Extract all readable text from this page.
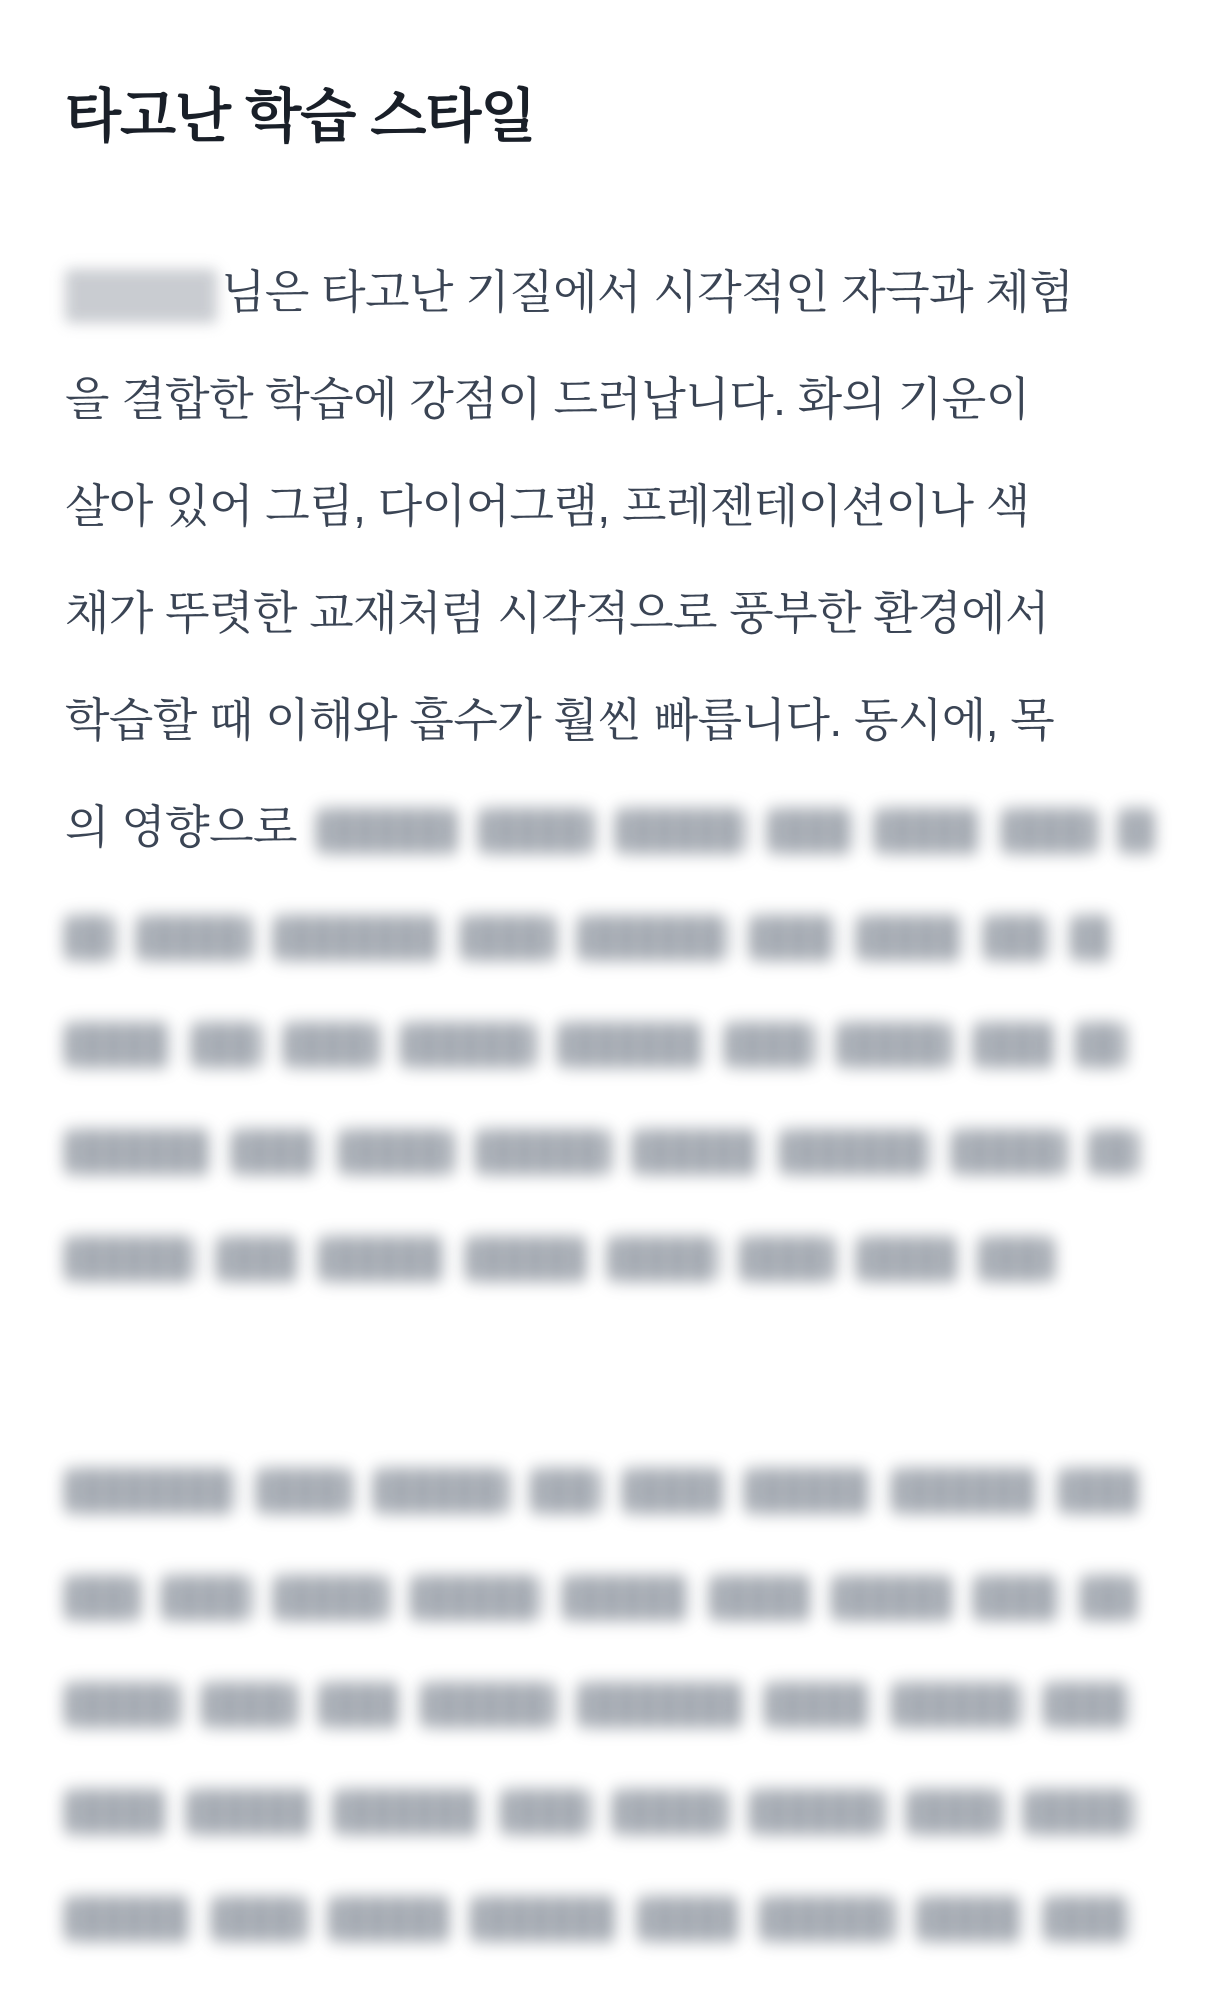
타고난 학습 스타일
님은 타고난 기질에서 시각적인 자극과 체험
을 결합한 학습에 강점이 드러납니다. 화의 기운이
살아 있어 그림, 다이어그램, 프레젠테이션이나 색
채가 뚜렷한 교재처럼 시각적으로 풍부한 환경에서
학습할 때 이해와 흡수가 훨씬 빠릅니다. 동시에, 목
의 영향으로
